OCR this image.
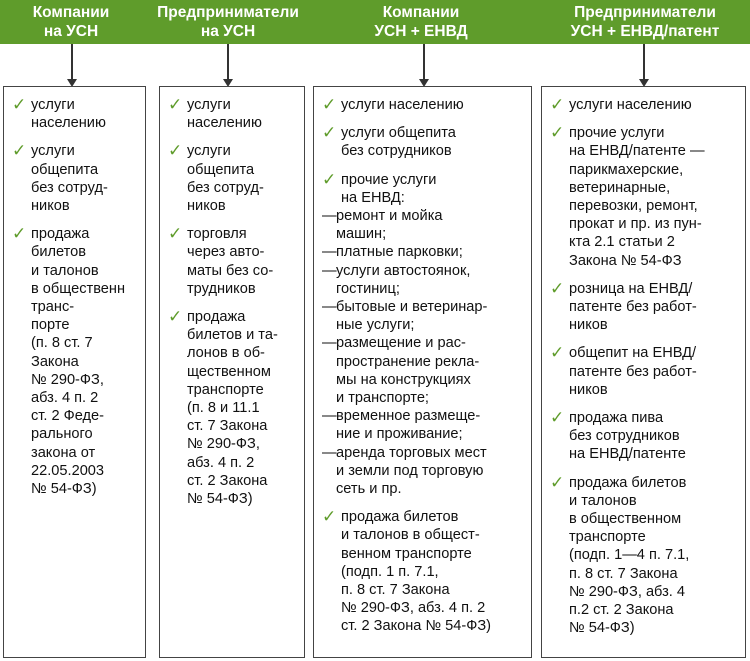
Компании
на УСН
Предприниматели
на УСН
Компании
УСН + ЕНВД
Предприниматели
УСН + ЕНВД/патент
✓ услуги
населению
✓ услуги
общепита
без сотруд-
ников
✓ продажа
билетов
и талонов
в общественн
транс-
порте
(п. 8 ст. 7
Закона
№ 290-ФЗ,
абз. 4 п. 2
ст. 2 Феде-
рального
закона от
22.05.2003
№ 54-ФЗ)
✓ услуги
населению
✓ услуги
общепита
без сотруд-
ников
✓ торговля
через авто-
маты без со-
трудников
✓ продажа
билетов и та-
лонов в об-
щественном
транспорте
(п. 8 и 11.1
ст. 7 Закона
№ 290-ФЗ,
абз. 4 п. 2
ст. 2 Закона
№ 54-ФЗ)
✓ услуги населению
✓ услуги общепита
без сотрудников
✓ прочие услуги
на ЕНВД:
— ремонт и мойка
машин;
— платные парковки;
— услуги автостоянок,
гостиниц;
— бытовые и ветеринар-
ные услуги;
— размещение и рас-
пространение рекла-
мы на конструкциях
и транспорте;
— временное размеще-
ние и проживание;
— аренда торговых мест
и земли под торговую
сеть и пр.
✓ продажа билетов
и талонов в общест-
венном транспорте
(подп. 1 п. 7.1,
п. 8 ст. 7 Закона
№ 290-ФЗ, абз. 4 п. 2
ст. 2 Закона № 54-ФЗ)
✓ услуги населению
✓ прочие услуги
на ЕНВД/патенте —
парикмахерские,
ветеринарные,
перевозки, ремонт,
прокат и пр. из пун-
кта 2.1 статьи 2
Закона № 54-ФЗ
✓ розница на ЕНВД/
патенте без работ-
ников
✓ общепит на ЕНВД/
патенте без работ-
ников
✓ продажа пива
без сотрудников
на ЕНВД/патенте
✓ продажа билетов
и талонов
в общественном
транспорте
(подп. 1—4 п. 7.1,
п. 8 ст. 7 Закона
№ 290-ФЗ, абз. 4
п.2 ст. 2 Закона
№ 54-ФЗ)
